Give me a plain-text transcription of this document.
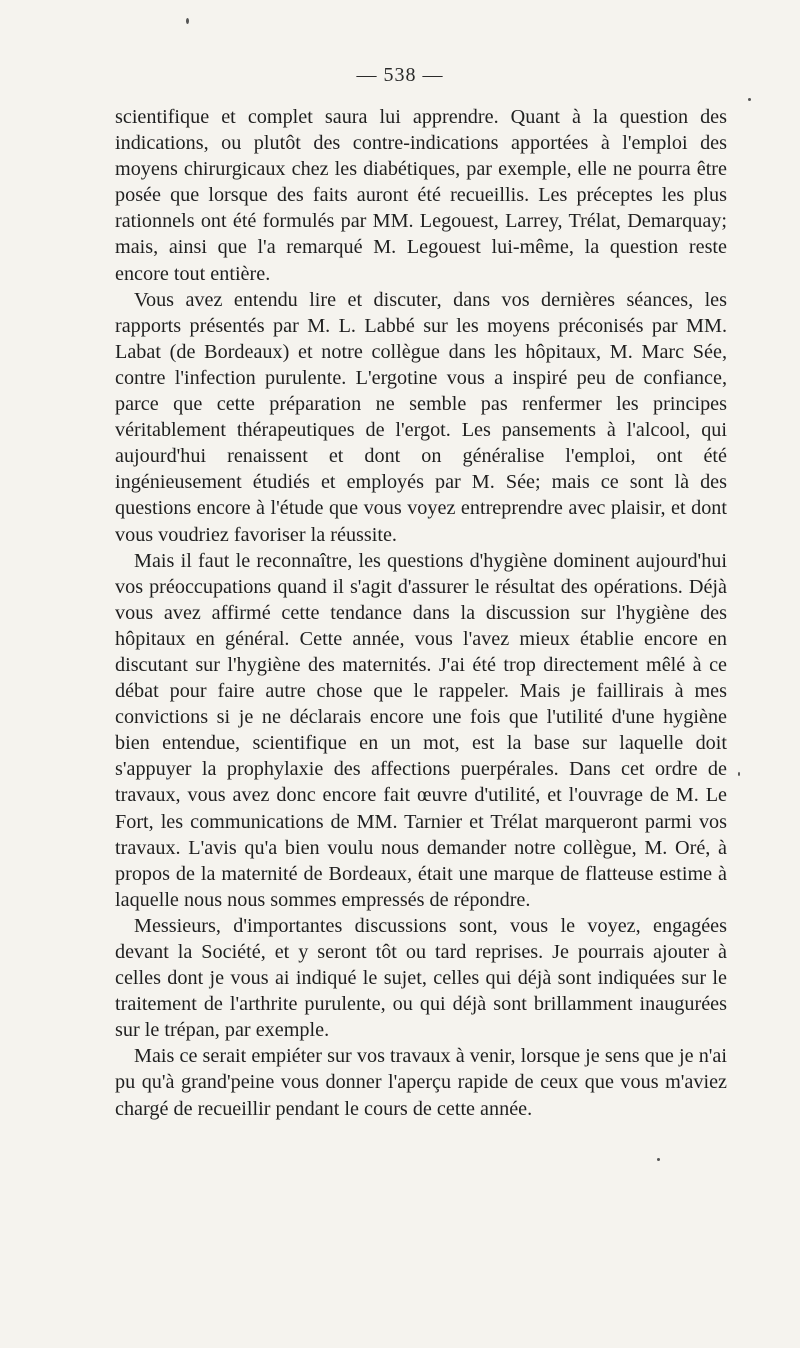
— 538 —

scientifique et complet saura lui apprendre. Quant à la question des indications, ou plutôt des contre-indications apportées à l'emploi des moyens chirurgicaux chez les diabétiques, par exemple, elle ne pourra être posée que lorsque des faits auront été recueillis. Les préceptes les plus rationnels ont été formulés par MM. Legouest, Larrey, Trélat, Demarquay; mais, ainsi que l'a remarqué M. Legouest lui-même, la question reste encore tout entière.

Vous avez entendu lire et discuter, dans vos dernières séances, les rapports présentés par M. L. Labbé sur les moyens préconisés par MM. Labat (de Bordeaux) et notre collègue dans les hôpitaux, M. Marc Sée, contre l'infection purulente. L'ergotine vous a inspiré peu de confiance, parce que cette préparation ne semble pas renfermer les principes véritablement thérapeutiques de l'ergot. Les pansements à l'alcool, qui aujourd'hui renaissent et dont on généralise l'emploi, ont été ingénieusement étudiés et employés par M. Sée; mais ce sont là des questions encore à l'étude que vous voyez entreprendre avec plaisir, et dont vous voudriez favoriser la réussite.

Mais il faut le reconnaître, les questions d'hygiène dominent aujourd'hui vos préoccupations quand il s'agit d'assurer le résultat des opérations. Déjà vous avez affirmé cette tendance dans la discussion sur l'hygiène des hôpitaux en général. Cette année, vous l'avez mieux établie encore en discutant sur l'hygiène des maternités. J'ai été trop directement mêlé à ce débat pour faire autre chose que le rappeler. Mais je faillirais à mes convictions si je ne déclarais encore une fois que l'utilité d'une hygiène bien entendue, scientifique en un mot, est la base sur laquelle doit s'appuyer la prophylaxie des affections puerpérales. Dans cet ordre de travaux, vous avez donc encore fait œuvre d'utilité, et l'ouvrage de M. Le Fort, les communications de MM. Tarnier et Trélat marqueront parmi vos travaux. L'avis qu'a bien voulu nous demander notre collègue, M. Oré, à propos de la maternité de Bordeaux, était une marque de flatteuse estime à laquelle nous nous sommes empressés de répondre.

Messieurs, d'importantes discussions sont, vous le voyez, engagées devant la Société, et y seront tôt ou tard reprises. Je pourrais ajouter à celles dont je vous ai indiqué le sujet, celles qui déjà sont indiquées sur le traitement de l'arthrite purulente, ou qui déjà sont brillamment inaugurées sur le trépan, par exemple.

Mais ce serait empiéter sur vos travaux à venir, lorsque je sens que je n'ai pu qu'à grand'peine vous donner l'aperçu rapide de ceux que vous m'aviez chargé de recueillir pendant le cours de cette année.
